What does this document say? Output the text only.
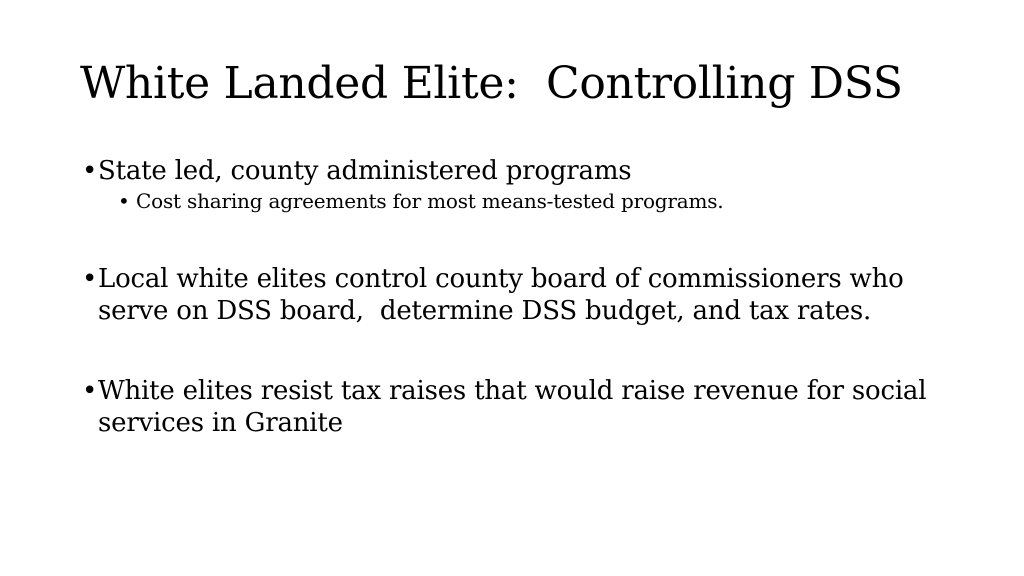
White Landed Elite:  Controlling DSS
• State led, county administered programs
• Cost sharing agreements for most means-tested programs.
• Local white elites control county board of commissioners who serve on DSS board,  determine DSS budget, and tax rates.
• White elites resist tax raises that would raise revenue for social services in Granite
